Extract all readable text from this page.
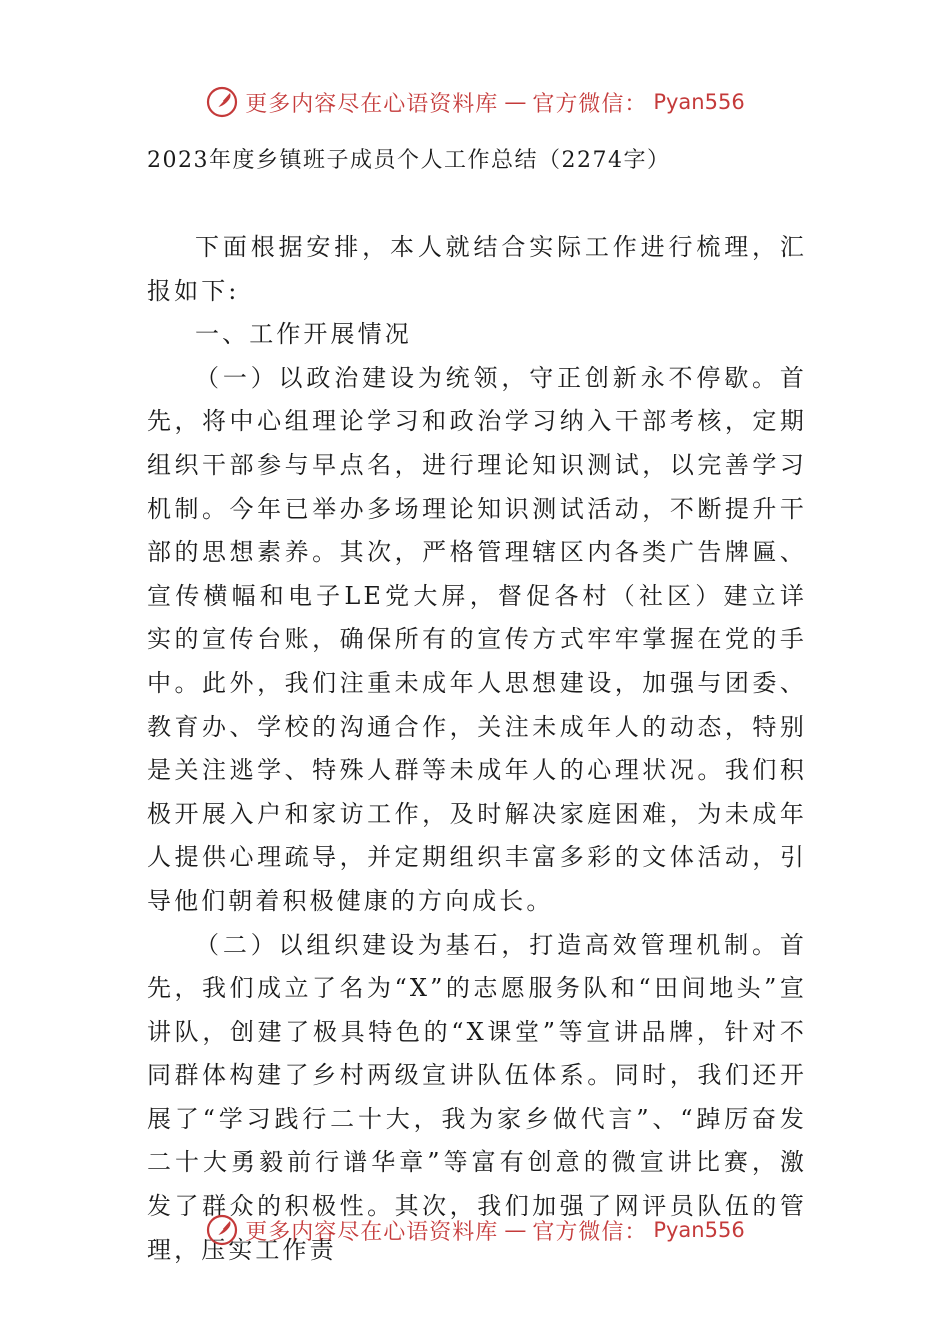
更多内容尽在心语资料库 — 官方微信： Pyan556
2023年度乡镇班子成员个人工作总结（2274字）

下面根据安排，本人就结合实际工作进行梳理，汇报如下:

一、工作开展情况

（一）以政治建设为统领，守正创新永不停歇。首先，将中心组理论学习和政治学习纳入干部考核，定期组织干部参与早点名，进行理论知识测试，以完善学习机制。今年已举办多场理论知识测试活动，不断提升干部的思想素养。其次，严格管理辖区内各类广告牌匾、宣传横幅和电子LE党大屏，督促各村（社区）建立详实的宣传台账，确保所有的宣传方式牢牢掌握在党的手中。此外，我们注重未成年人思想建设，加强与团委、教育办、学校的沟通合作，关注未成年人的动态，特别是关注逃学、特殊人群等未成年人的心理状况。我们积极开展入户和家访工作，及时解决家庭困难，为未成年人提供心理疏导，并定期组织丰富多彩的文体活动，引导他们朝着积极健康的方向成长。

（二）以组织建设为基石，打造高效管理机制。首先，我们成立了名为“X”的志愿服务队和“田间地头”宣讲队，创建了极具特色的“X课堂”等宣讲品牌，针对不同群体构建了乡村两级宣讲队伍体系。同时，我们还开展了“学习践行二十大，我为家乡做代言”、“踔厉奋发二十大勇毅前行谱华章”等富有创意的微宣讲比赛，激发了群众的积极性。其次，我们加强了网评员队伍的管理，压实工作责

更多内容尽在心语资料库 — 官方微信： Pyan556
